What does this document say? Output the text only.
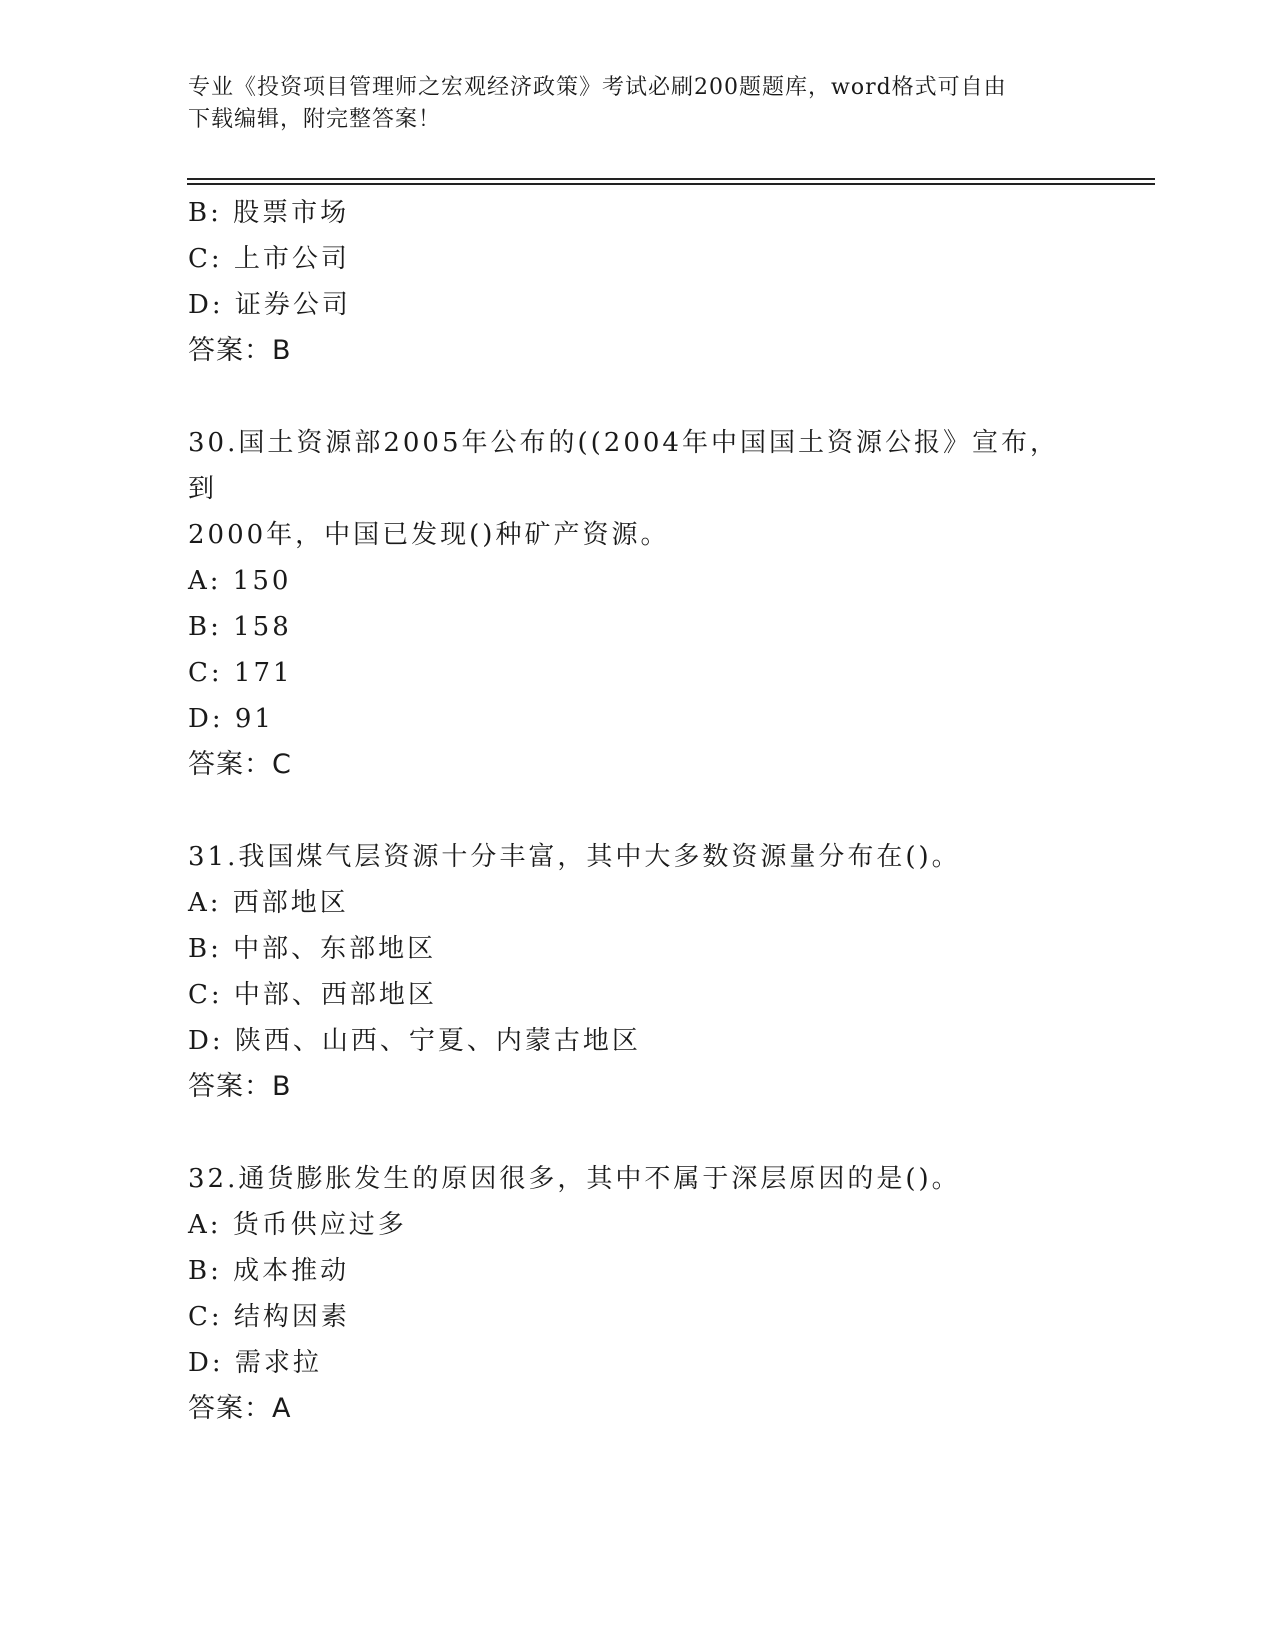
专业《投资项目管理师之宏观经济政策》考试必刷200题题库，word格式可自由
下载编辑，附完整答案！
B: 股票市场
C: 上市公司
D: 证券公司
答案：B
30.国土资源部2005年公布的((2004年中国国土资源公报》宣布，到
2000年，中国已发现()种矿产资源。
A: 150
B: 158
C: 171
D: 91
答案：C
31.我国煤气层资源十分丰富，其中大多数资源量分布在()。
A: 西部地区
B: 中部、东部地区
C: 中部、西部地区
D: 陕西、山西、宁夏、内蒙古地区
答案：B
32.通货膨胀发生的原因很多，其中不属于深层原因的是()。
A: 货币供应过多
B: 成本推动
C: 结构因素
D: 需求拉
答案：A
